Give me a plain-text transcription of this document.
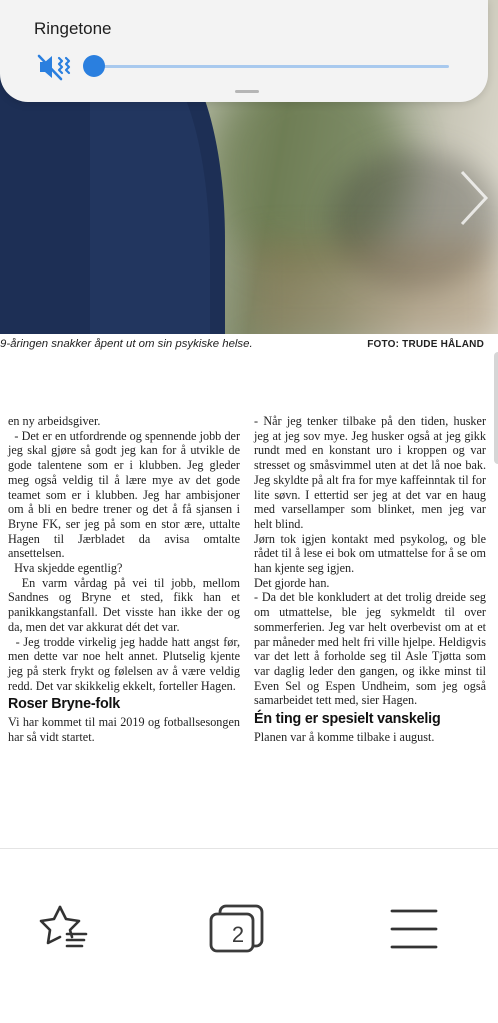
9-åringen snakker åpent ut om sin psykiske helse.	FOTO: TRUDE HÅLAND

en ny arbeidsgiver.

- Det er en utfordrende og spennende jobb der jeg skal gjøre så godt jeg kan for å utvikle de gode talentene som er i klubben. Jeg gleder meg også veldig til å lære mye av det gode teamet som er i klubben. Jeg har ambisjoner om å bli en bedre trener og det å få sjansen i Bryne FK, ser jeg på som en stor ære, uttalte Hagen til Jærbladet da avisa omtalte ansettelsen.

Hva skjedde egentlig?

En varm vårdag på vei til jobb, mellom Sandnes og Bryne et sted, fikk han et panikkangstanfall. Det visste han ikke der og da, men det var akkurat dét det var.

- Jeg trodde virkelig jeg hadde hatt angst før, men dette var noe helt annet. Plutselig kjente jeg på sterk frykt og følelsen av å være veldig redd. Det var skikkelig ekkelt, forteller Hagen.

Roser Bryne-folk

Vi har kommet til mai 2019 og fotballsesongen har så vidt startet.

- Når jeg tenker tilbake på den tiden, husker jeg at jeg sov mye. Jeg husker også at jeg gikk rundt med en konstant uro i kroppen og var stresset og småsvimmel uten at det lå noe bak. Jeg skyldte på alt fra for mye kaffeinntak til for lite søvn. I ettertid ser jeg at det var en haug med varsellamper som blinket, men jeg var helt blind.

Jørn tok igjen kontakt med psykolog, og ble rådet til å lese ei bok om utmattelse for å se om han kjente seg igjen.

Det gjorde han.

- Da det ble konkludert at det trolig dreide seg om utmattelse, ble jeg sykmeldt til over sommerferien. Jeg var helt overbevist om at et par måneder med helt fri ville hjelpe. Heldigvis var det lett å forholde seg til Asle Tjøtta som var daglig leder den gangen, og ikke minst til Even Sel og Espen Undheim, som jeg også samarbeidet tett med, sier Hagen.

Én ting er spesielt vanskelig

Planen var å komme tilbake i august.

Ringetone
2
